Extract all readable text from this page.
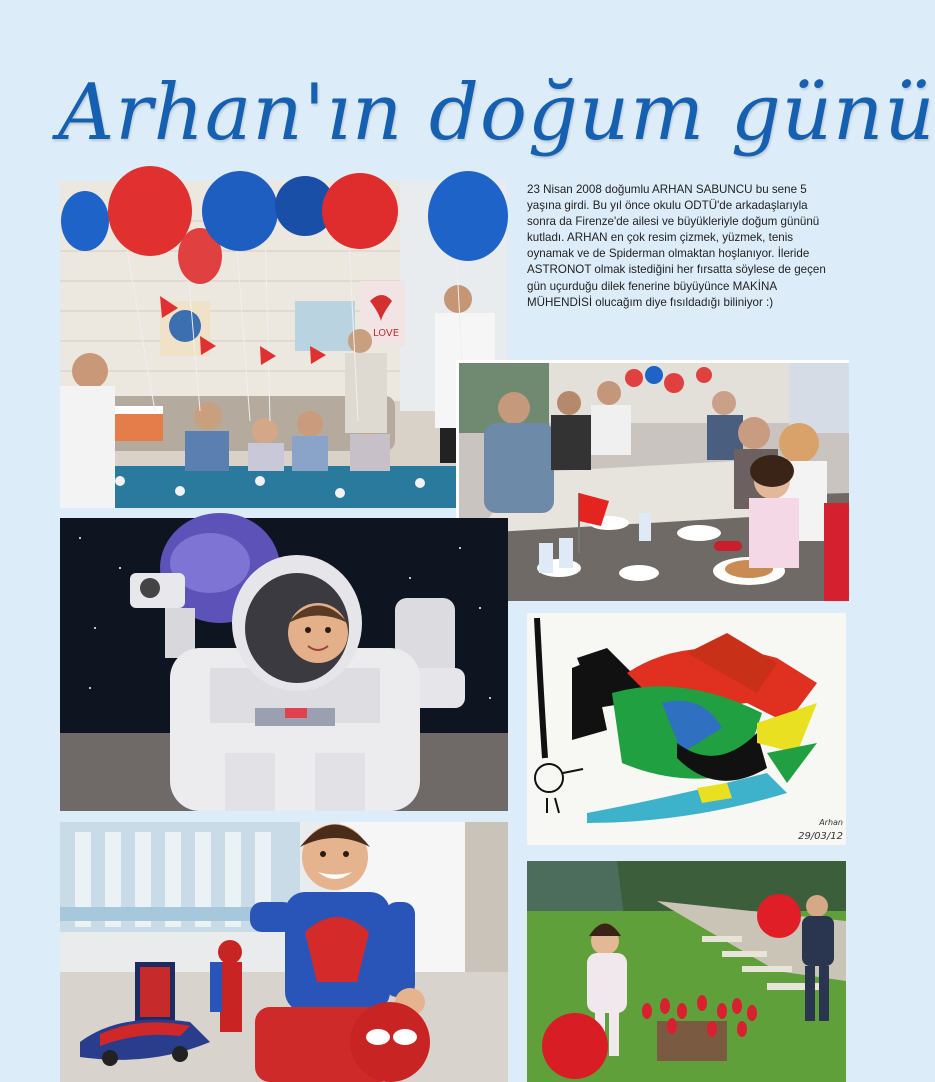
Arhan'ın doğum günü

23 Nisan 2008 doğumlu ARHAN SABUNCU bu sene 5 yaşına girdi. Bu yıl önce okulu ODTÜ'de arkadaşlarıyla sonra da Firenze'de ailesi ve büyükleriyle doğum gününü kutladı. ARHAN en çok resim çizmek, yüzmek, tenis oynamak ve de Spiderman olmaktan hoşlanıyor. İleride ASTRONOT olmak istediğini her fırsatta söylese de geçen gün uçurduğu dilek fenerine büyüyünce MAKİNA MÜHENDİSİ olucağım diye fısıldadığı biliniyor :)

LOVE
Arhan
29/03/12
